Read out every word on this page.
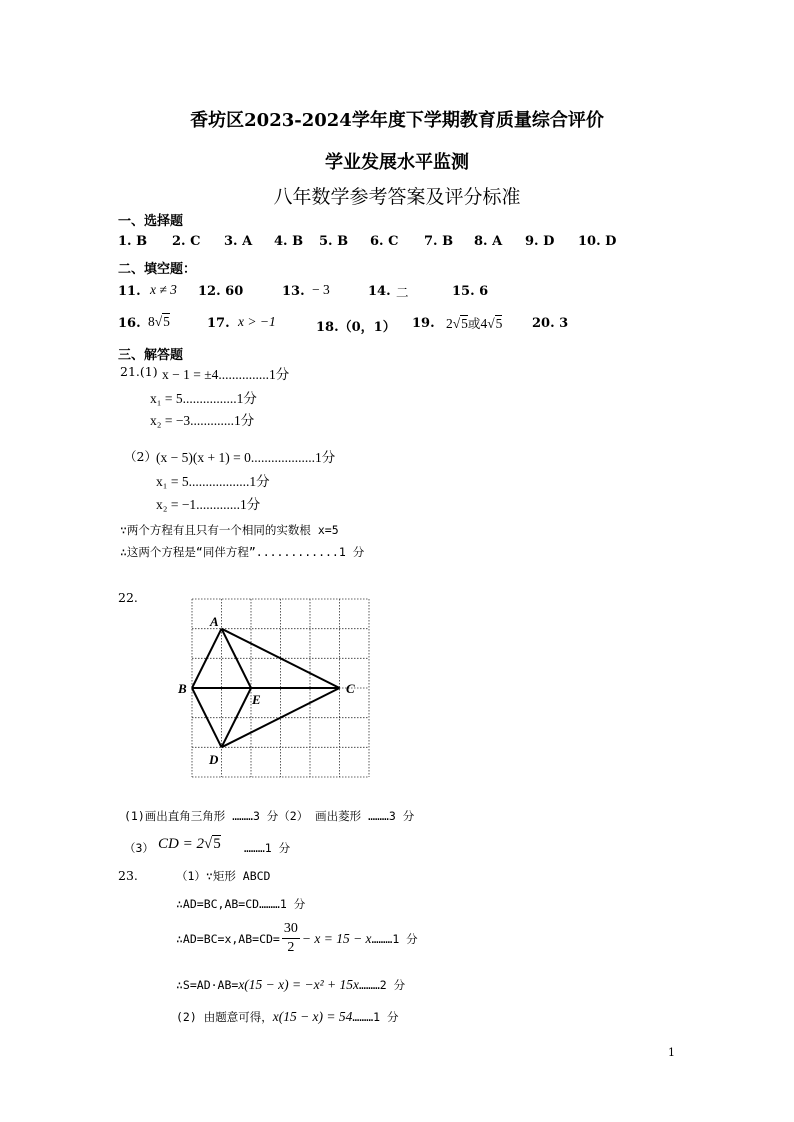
香坊区2023-2024学年度下学期教育质量综合评价
学业发展水平监测
八年数学参考答案及评分标准
一、选择题
1. B 2. C 3. A 4. B 5. B 6. C 7. B 8. A 9. D 10. D
二、填空题：
11. x ≠ 3 12. 60	13. − 3	14. 二	15. 6
16. 8√5	17. x > −1	18.（0，1） 19. 2√5或4√5 20. 3
三、解答题
21.(1) x − 1 = ±4...............1分
x₁ = 5................1分
x₂ = −3.............1分
（2） (x − 5)(x + 1) = 0...................1分
x₁ = 5..................1分
x₂ = −1.............1分
∵两个方程有且只有一个相同的实数根 x=5
∴这两个方程是“同伴方程”............1 分
22.
A
B	C
D
E
(1)画出直角三角形 ………3 分（2） 画出菱形 ………3 分
（3） CD = 2√5 ………1 分
23.	（1）∵矩形 ABCD
∴AD=BC,AB=CD………1 分
∴AD=BC=x,AB=CD= $\frac{30}{2} - x = 15$ − x………1 分
∴S=AD·AB=x(15 − x) = −x² + 15x………2 分
(2) 由题意可得，x(15 − x) = 54………1 分
1
